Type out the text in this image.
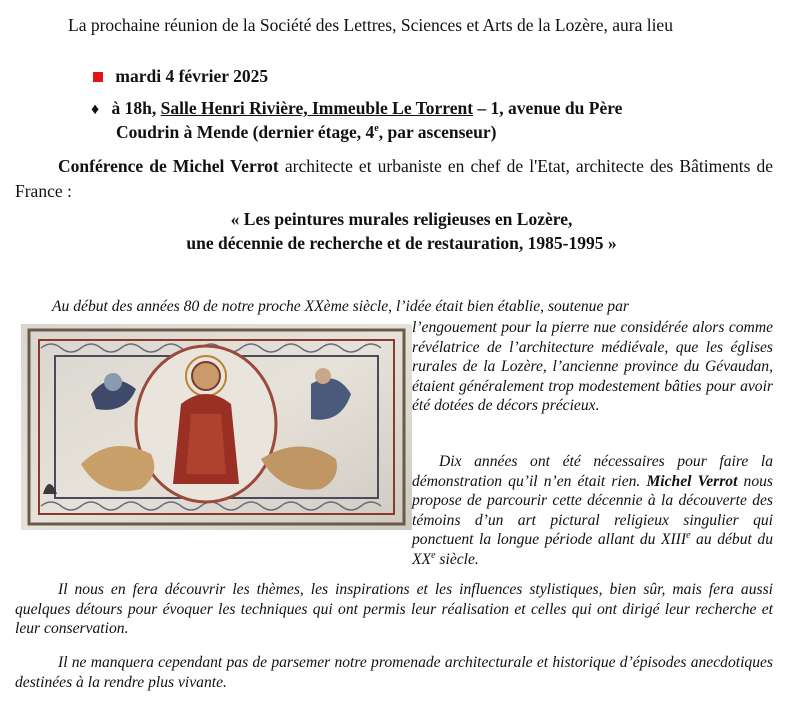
La prochaine réunion de la Société des Lettres, Sciences et Arts de la Lozère, aura lieu
mardi 4 février 2025
♦ à 18h, Salle Henri Rivière, Immeuble Le Torrent – 1, avenue du Père
Coudrin à Mende (dernier étage, 4e, par ascenseur)
Conférence de Michel Verrot architecte et urbaniste en chef de l'Etat, architecte des Bâtiments de France :
« Les peintures murales religieuses en Lozère,
une décennie de recherche et de restauration, 1985-1995 »
Au début des années 80 de notre proche XXème siècle, l’idée était bien établie, soutenue par
l’engouement pour la pierre nue considérée alors comme révélatrice de l’architecture médiévale, que les églises rurales de la Lozère, l’ancienne province du Gévaudan, étaient généralement trop modestement bâties pour avoir été dotées de décors précieux.
Dix années ont été nécessaires pour faire la démonstration qu’il n’en était rien. Michel Verrot nous propose de parcourir cette décennie à la découverte des témoins d’un art pictural religieux singulier qui ponctuent la longue période allant du XIIIe au début du XXe siècle.
Il nous en fera découvrir les thèmes, les inspirations et les influences stylistiques, bien sûr, mais fera aussi quelques détours pour évoquer les techniques qui ont permis leur réalisation et celles qui ont dirigé leur recherche et leur conservation.
Il ne manquera cependant pas de parsemer notre promenade architecturale et historique d’épisodes anecdotiques destinées à la rendre plus vivante.
